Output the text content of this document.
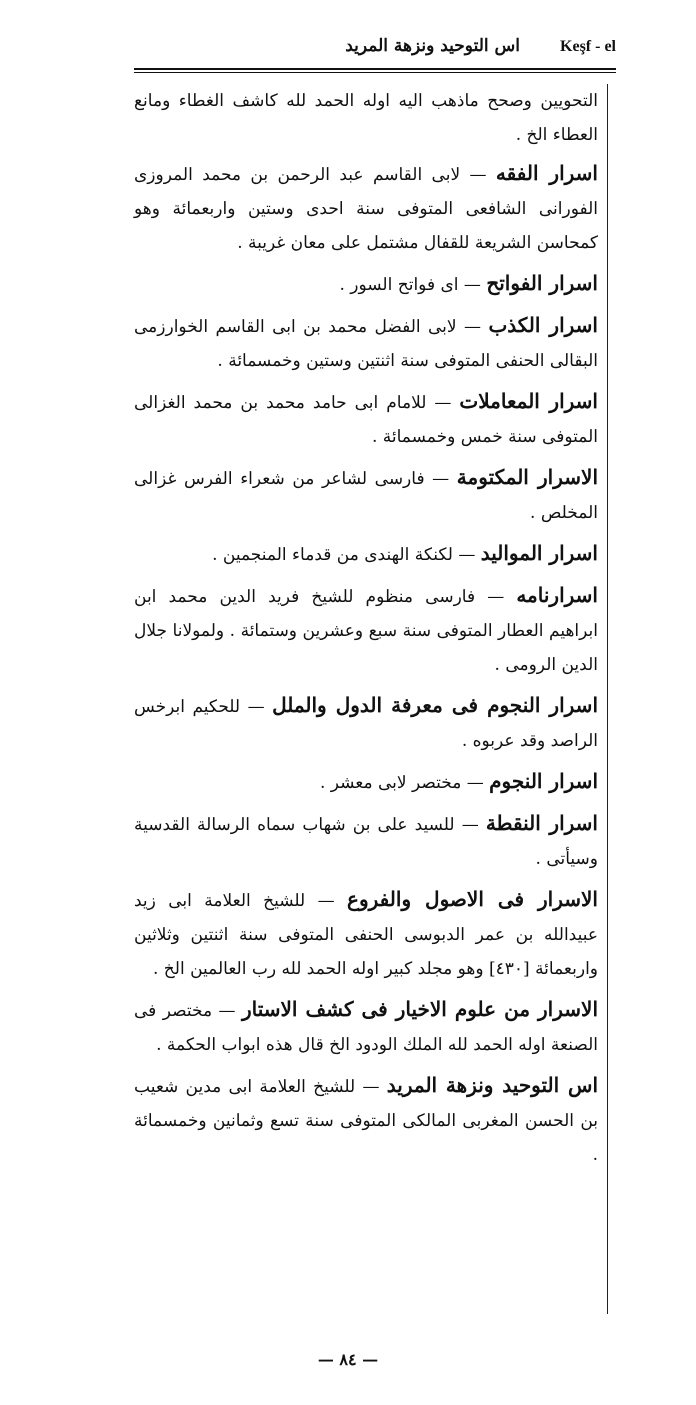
اس التوحيد ونزهة المريد	Keşf - el

التحويين وصحح ماذهب اليه اوله الحمد لله كاشف الغطاء ومانع العطاء الخ .

اسرار الفقه — لابى القاسم عبد الرحمن بن محمد المروزى الفورانى الشافعى المتوفى سنة احدى وستين واربعمائة وهو كمحاسن الشريعة للقفال مشتمل على معان غريبة .

اسرار الفواتح — اى فواتح السور .

اسرار الكذب — لابى الفضل محمد بن ابى القاسم الخوارزمى البقالى الحنفى المتوفى سنة اثنتين وستين وخمسمائة .

اسرار المعاملات — للامام ابى حامد محمد بن محمد الغزالى المتوفى سنة خمس وخمسمائة .

الاسرار المكتومة — فارسى لشاعر من شعراء الفرس غزالى المخلص .

اسرار المواليد — لكنكة الهندى من قدماء المنجمين .

اسرارنامه — فارسى منظوم للشيخ فريد الدين محمد ابن ابراهيم العطار المتوفى سنة سبع وعشرين وستمائة . ولمولانا جلال الدين الرومى .

اسرار النجوم فى معرفة الدول والملل — للحكيم ابرخس الراصد وقد عربوه .

اسرار النجوم — مختصر لابى معشر .

اسرار النقطة — للسيد على بن شهاب سماه الرسالة القدسية وسيأتى .

الاسرار فى الاصول والفروع — للشيخ العلامة ابى زيد عبيدالله بن عمر الدبوسى الحنفى المتوفى سنة اثنتين وثلاثين واربعمائة [٤٣٠] وهو مجلد كبير اوله الحمد لله رب العالمين الخ .

الاسرار من علوم الاخيار فى كشف الاستار — مختصر فى الصنعة اوله الحمد لله الملك الودود الخ قال هذه ابواب الحكمة .

اس التوحيد ونزهة المريد — للشيخ العلامة ابى مدين شعيب بن الحسن المغربى المالكى المتوفى سنة تسع وثمانين وخمسمائة .

— ٨٤ —
